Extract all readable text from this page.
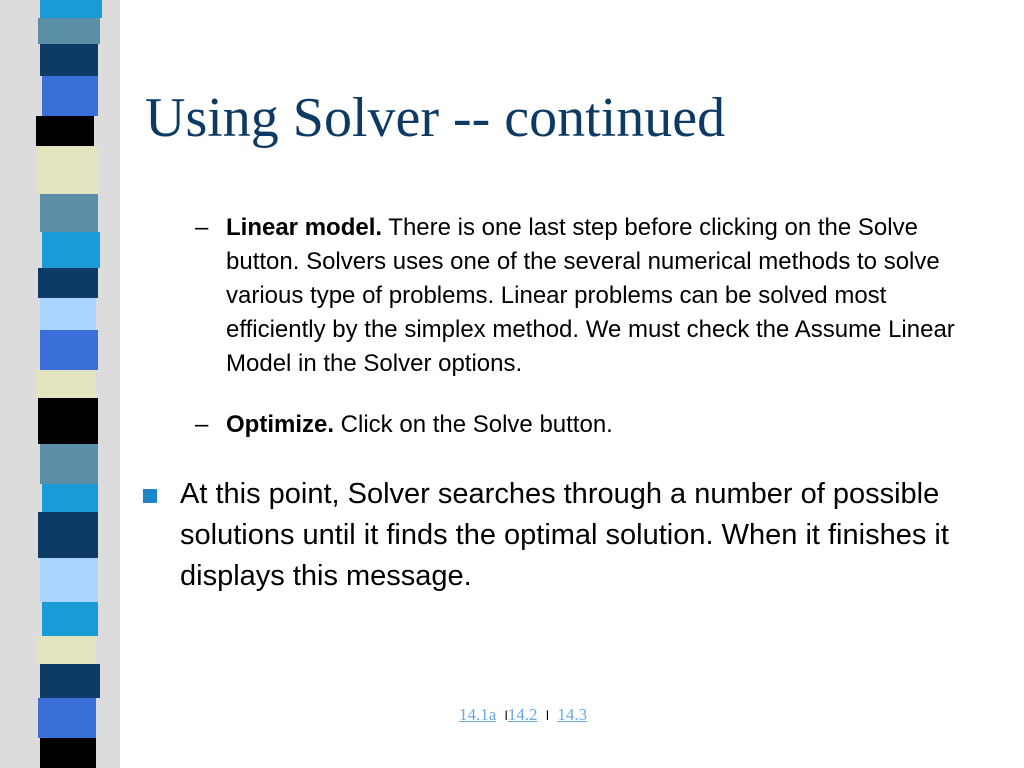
Using Solver -- continued
– Linear model. There is one last step before clicking on the Solve button. Solvers uses one of the several numerical methods to solve various type of problems. Linear problems can be solved most efficiently by the simplex method. We must check the Assume Linear Model in the Solver options.
– Optimize. Click on the Solve button.
At this point, Solver searches through a number of possible solutions until it finds the optimal solution. When it finishes it displays this message.
14.1a l14.2 l 14.3
